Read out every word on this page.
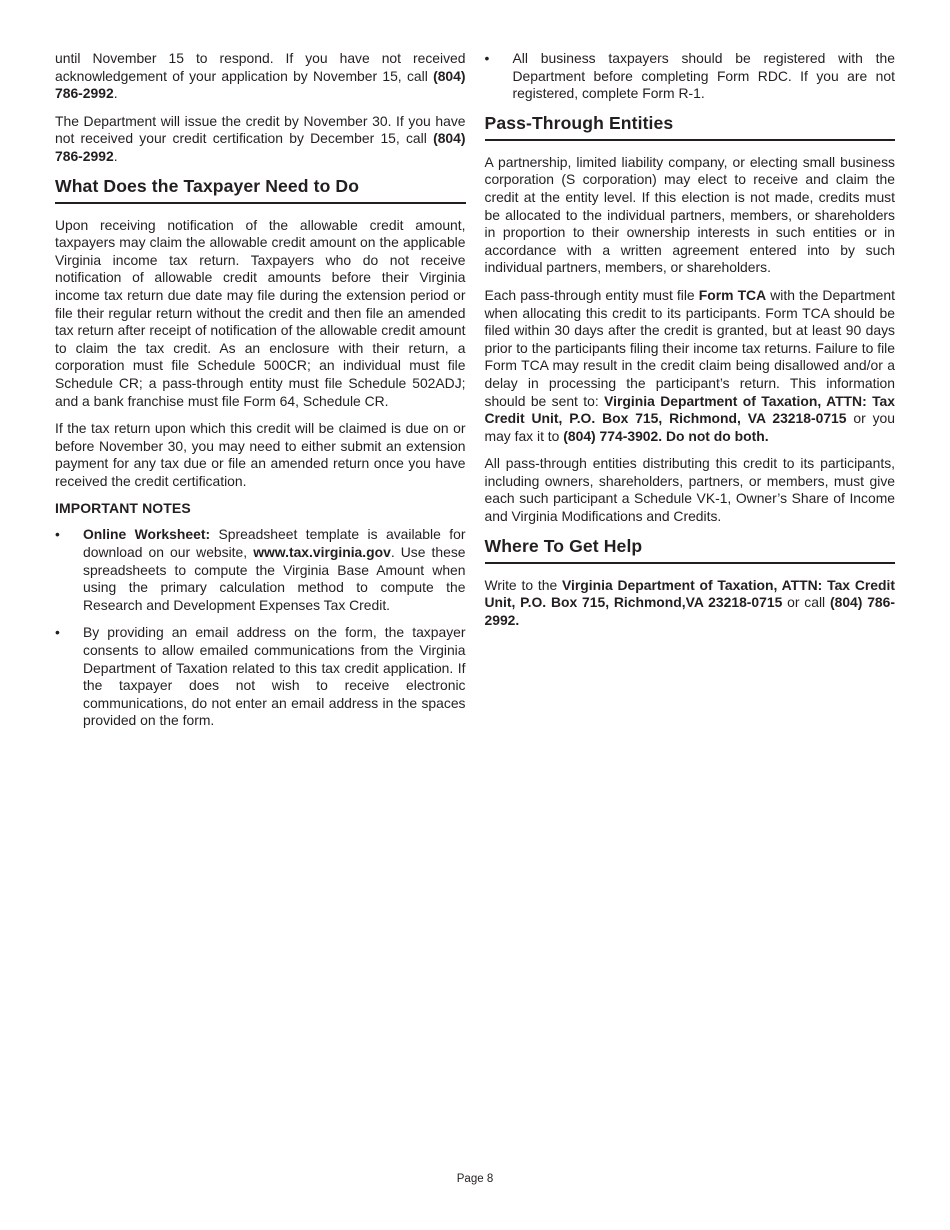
until November 15 to respond. If you have not received acknowledgement of your application by November 15, call (804) 786-2992.

The Department will issue the credit by November 30. If you have not received your credit certification by December 15, call (804) 786-2992.

What Does the Taxpayer Need to Do

Upon receiving notification of the allowable credit amount, taxpayers may claim the allowable credit amount on the applicable Virginia income tax return. Taxpayers who do not receive notification of allowable credit amounts before their Virginia income tax return due date may file during the extension period or file their regular return without the credit and then file an amended tax return after receipt of notification of the allowable credit amount to claim the tax credit. As an enclosure with their return, a corporation must file Schedule 500CR; an individual must file Schedule CR; a pass-through entity must file Schedule 502ADJ; and a bank franchise must file Form 64, Schedule CR.

If the tax return upon which this credit will be claimed is due on or before November 30, you may need to either submit an extension payment for any tax due or file an amended return once you have received the credit certification.

IMPORTANT NOTES

•	Online Worksheet: Spreadsheet template is available for download on our website, www.tax.virginia.gov. Use these spreadsheets to compute the Virginia Base Amount when using the primary calculation method to compute the Research and Development Expenses Tax Credit.
•	By providing an email address on the form, the taxpayer consents to allow emailed communications from the Virginia Department of Taxation related to this tax credit application. If the taxpayer does not wish to receive electronic communications, do not enter an email address in the spaces provided on the form.
•	All business taxpayers should be registered with the Department before completing Form RDC. If you are not registered, complete Form R-1.
Pass-Through Entities

A partnership, limited liability company, or electing small business corporation (S corporation) may elect to receive and claim the credit at the entity level. If this election is not made, credits must be allocated to the individual partners, members, or shareholders in proportion to their ownership interests in such entities or in accordance with a written agreement entered into by such individual partners, members, or shareholders.

Each pass-through entity must file Form TCA with the Department when allocating this credit to its participants. Form TCA should be filed within 30 days after the credit is granted, but at least 90 days prior to the participants filing their income tax returns. Failure to file Form TCA may result in the credit claim being disallowed and/or a delay in processing the participant’s return. This information should be sent to: Virginia Department of Taxation, ATTN: Tax Credit Unit, P.O. Box 715, Richmond, VA 23218-0715 or you may fax it to (804) 774-3902. Do not do both.

All pass-through entities distributing this credit to its participants, including owners, shareholders, partners, or members, must give each such participant a Schedule VK-1, Owner’s Share of Income and Virginia Modifications and Credits.

Where To Get Help

Write to the Virginia Department of Taxation, ATTN: Tax Credit Unit, P.O. Box 715, Richmond,VA 23218-0715 or call (804) 786-2992.

Page 8
